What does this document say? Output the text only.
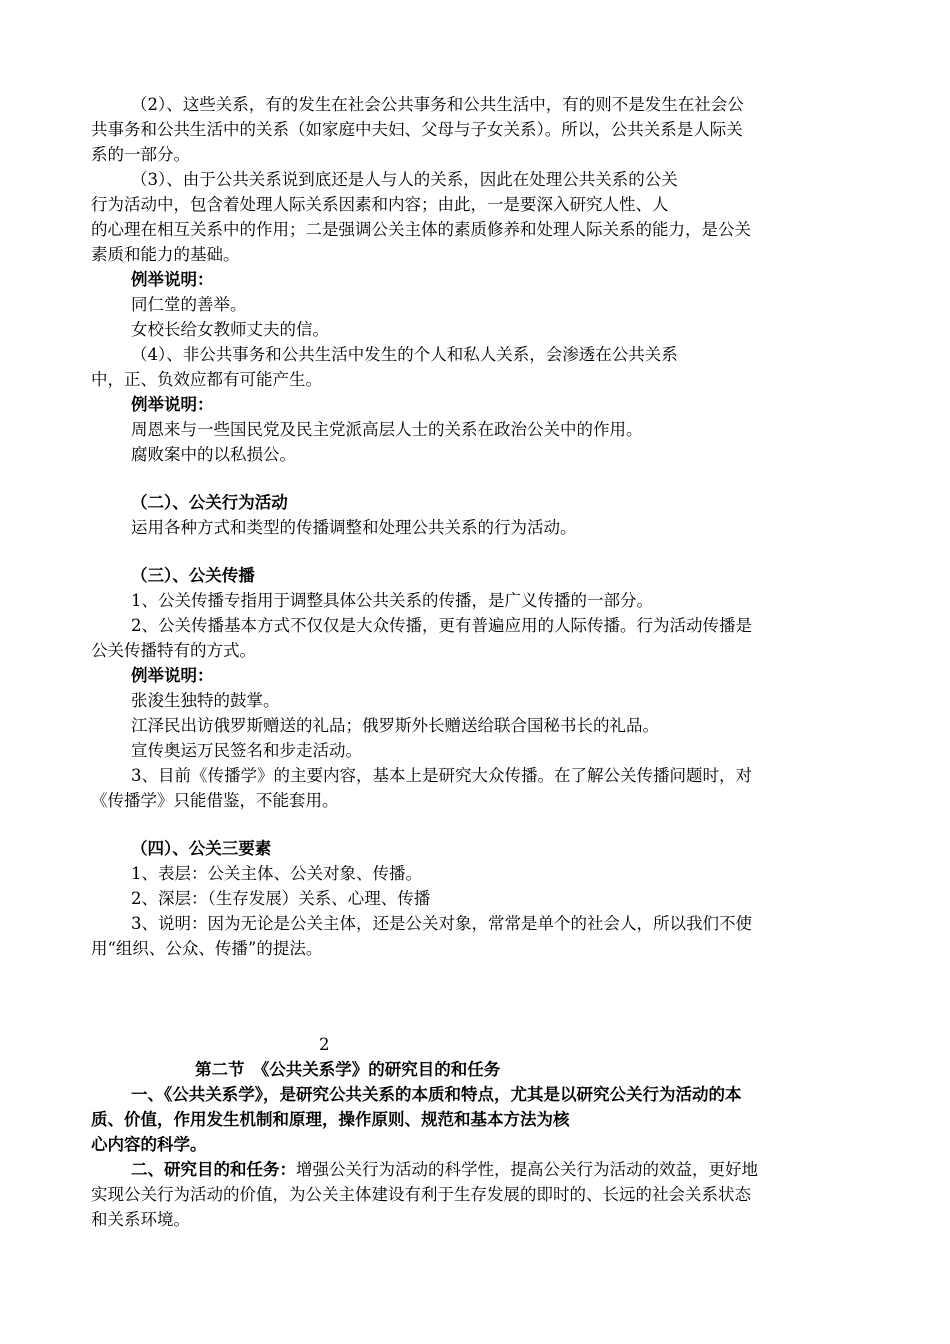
（2）、这些关系，有的发生在社会公共事务和公共生活中，有的则不是发生在社会公
共事务和公共生活中的关系（如家庭中夫妇、父母与子女关系）。所以，公共关系是人际关
系的一部分。
（3）、由于公共关系说到底还是人与人的关系，因此在处理公共关系的公关
行为活动中，包含着处理人际关系因素和内容；由此，一是要深入研究人性、人
的心理在相互关系中的作用；二是强调公关主体的素质修养和处理人际关系的能力，是公关
素质和能力的基础。
例举说明：
同仁堂的善举。
女校长给女教师丈夫的信。
（4）、非公共事务和公共生活中发生的个人和私人关系，会渗透在公共关系
中，正、负效应都有可能产生。
例举说明：
周恩来与一些国民党及民主党派高层人士的关系在政治公关中的作用。
腐败案中的以私损公。
（二）、公关行为活动
运用各种方式和类型的传播调整和处理公共关系的行为活动。
（三）、公关传播
1、公关传播专指用于调整具体公共关系的传播，是广义传播的一部分。
2、公关传播基本方式不仅仅是大众传播，更有普遍应用的人际传播。行为活动传播是
公关传播特有的方式。
例举说明：
张浚生独特的鼓掌。
江泽民出访俄罗斯赠送的礼品；俄罗斯外长赠送给联合国秘书长的礼品。
宣传奥运万民签名和步走活动。
3、目前《传播学》的主要内容，基本上是研究大众传播。在了解公关传播问题时，对
《传播学》只能借鉴，不能套用。
（四）、公关三要素
1、表层：公关主体、公关对象、传播。
2、深层：（生存发展）关系、心理、传播
3、说明：因为无论是公关主体，还是公关对象，常常是单个的社会人，所以我们不使
用“组织、公众、传播”的提法。
2
第二节　《公共关系学》的研究目的和任务
一、《公共关系学》，是研究公共关系的本质和特点，尤其是以研究公关行为活动的本
质、价值，作用发生机制和原理，操作原则、规范和基本方法为核
心内容的科学。
二、研究目的和任务：增强公关行为活动的科学性，提高公关行为活动的效益，更好地
实现公关行为活动的价值，为公关主体建设有利于生存发展的即时的、长远的社会关系状态
和关系环境。
